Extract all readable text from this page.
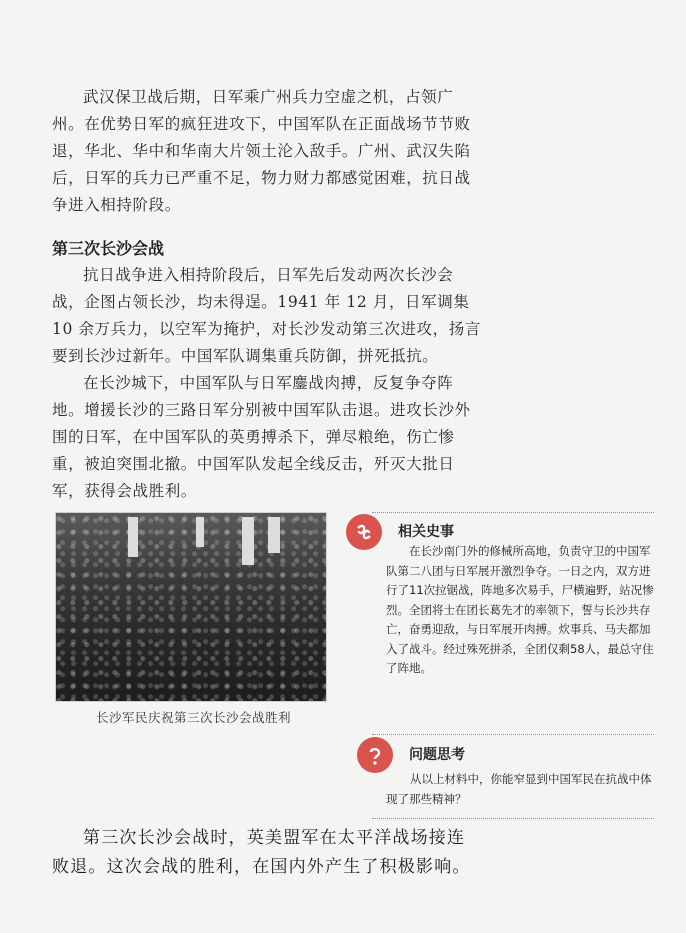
武汉保卫战后期，日军乘广州兵力空虚之机，占领广州。在优势日军的疯狂进攻下，中国军队在正面战场节节败退，华北、华中和华南大片领土沦入敌手。广州、武汉失陷后，日军的兵力已严重不足，物力财力都感觉困难，抗日战争进入相持阶段。

第三次长沙会战

抗日战争进入相持阶段后，日军先后发动两次长沙会战，企图占领长沙，均未得逞。1941 年 12 月，日军调集 10 余万兵力，以空军为掩护，对长沙发动第三次进攻，扬言要到长沙过新年。中国军队调集重兵防御，拼死抵抗。

在长沙城下，中国军队与日军鏖战肉搏，反复争夺阵地。增援长沙的三路日军分别被中国军队击退。进攻长沙外围的日军，在中国军队的英勇搏杀下，弹尽粮绝，伤亡惨重，被迫突围北撤。中国军队发起全线反击，歼灭大批日军，获得会战胜利。

长沙军民庆祝第三次长沙会战胜利

相关史事

在长沙南门外的修械所高地，负责守卫的中国军队第二八团与日军展开激烈争夺。一日之内，双方进行了11次拉锯战，阵地多次易手，尸横遍野，站况惨烈。全团将士在团长葛先才的率领下，誓与长沙共存亡，奋勇迎敌，与日军展开肉搏。炊事兵、马夫都加入了战斗。经过殊死拼杀，全团仅剩58人，最总守住了阵地。

问题思考

从以上材料中，你能窄显到中国军民在抗战中体现了那些精神？

第三次长沙会战时，英美盟军在太平洋战场接连败退。这次会战的胜利，在国内外产生了积极影响。
